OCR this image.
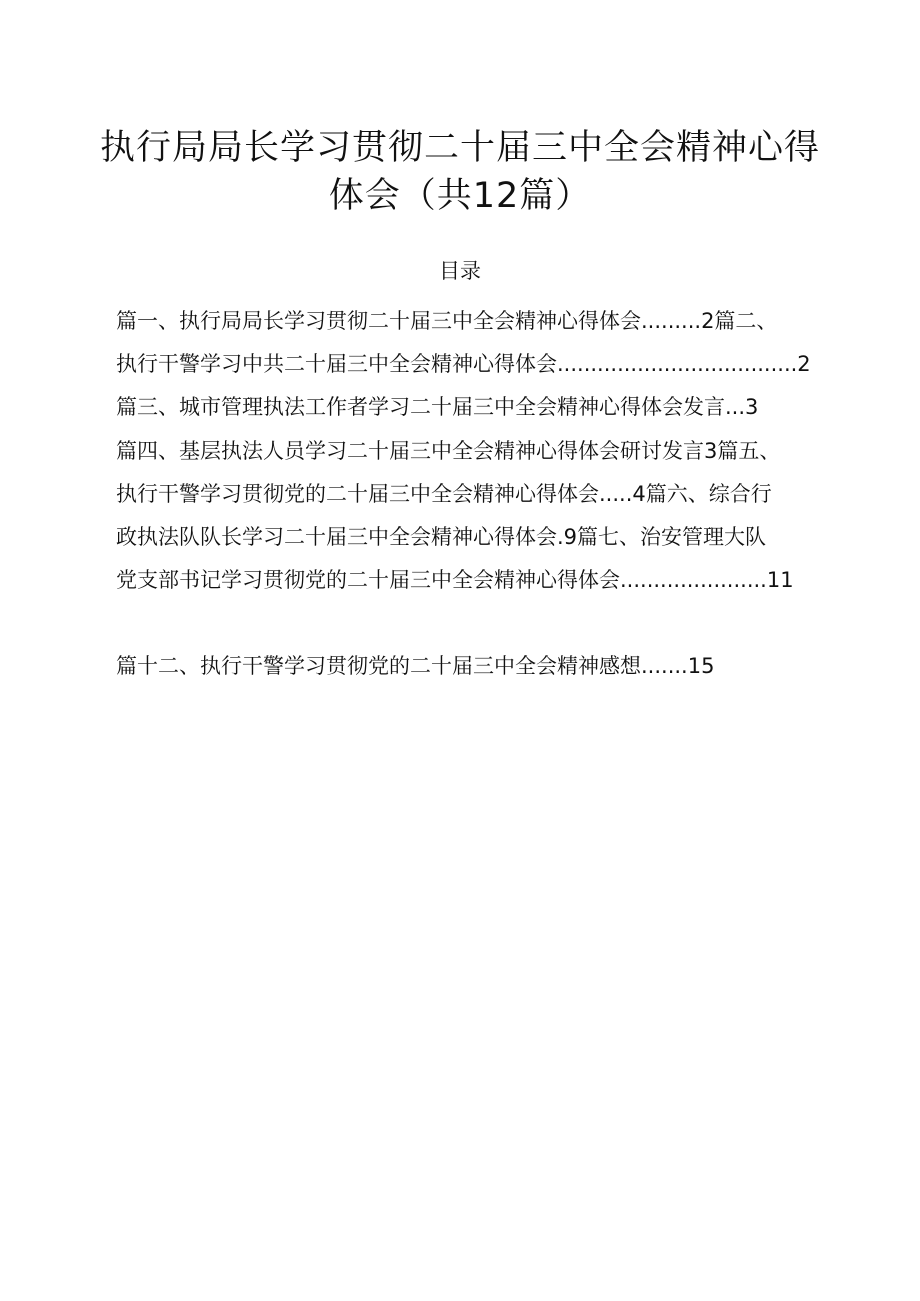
执行局局长学习贯彻二十届三中全会精神心得
体会（共12篇）
目录
篇一、执行局局长学习贯彻二十届三中全会精神心得体会.........2篇二、
执行干警学习中共二十届三中全会精神心得体会....................................2
篇三、城市管理执法工作者学习二十届三中全会精神心得体会发言...3
篇四、基层执法人员学习二十届三中全会精神心得体会研讨发言3篇五、
执行干警学习贯彻党的二十届三中全会精神心得体会.....4篇六、综合行
政执法队队长学习二十届三中全会精神心得体会.9篇七、治安管理大队
党支部书记学习贯彻党的二十届三中全会精神心得体会......................11
篇十二、执行干警学习贯彻党的二十届三中全会精神感想.......15
